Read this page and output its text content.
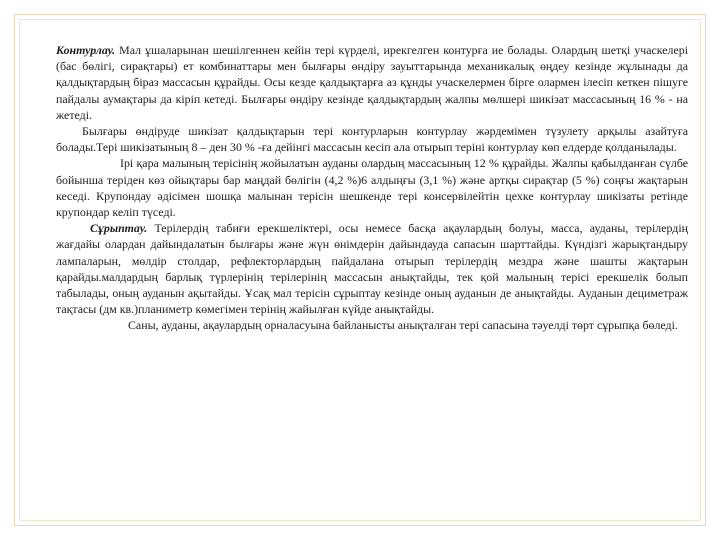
Контурлау. Мал ұшаларынан шешілгеннен кейін тері күрделі, ирекгелген контурға ие болады. Олардың шетқі учаскелері (бас бөлігі, сирақтары) ет комбинаттары мен былғары өндіру зауыттарында механикалық өңдеу кезінде жұлынады да қалдықтардың біраз массасын құрайды. Осы кезде қалдықтарға аз құнды учаскелермен бірге олармен ілесіп кеткен пішуге пайдалы аумақтары да кіріп кетеді. Былғары өндіру кезінде қалдықтардың жалпы мөлшері шикізат массасының 16 % - на жетеді.

Былғары өндіруде шикізат қалдықтарын тері контурларын контурлау жәрдемімен түзулету арқылы азайтуға болады.Тері шикізатының 8 – ден 30 % -ға дейінгі массасын кесіп ала отырып теріні контурлау көп елдерде қолданылады.

Ірі қара малының терісінің жойылатын ауданы олардың массасының 12 % құрайды. Жалпы қабылданған сүлбе бойынша теріден көз ойықтары бар маңдай бөлігін (4,2 %)6 алдыңғы (3,1 %) және артқы сирақтар (5 %) соңғы жақтарын кеседі. Крупондау әдісімен шошқа малынан терісін шешкенде тері консервілейтін цехке контурлау шикізаты ретінде крупондар келіп түседі.

Сұрыптау. Терілердің табиғи ерекшеліктері, осы немесе басқа ақаулардың болуы, масса, ауданы, терілердің жағдайы олардан дайындалатын былғары және жүн өнімдерін дайындауда сапасын шарттайды. Күндізгі жарықтандыру лампаларын, мөлдір столдар, рефлекторлардың пайдалана отырып терілердің мездра және шашты жақтарын қарайды.малдардың барлық түрлерінің терілерінің массасын анықтайды, тек қой малының терісі ерекшелік болып табылады, оның ауданын ақытайды. Ұсақ мал терісін сұрыптау кезінде оның ауданын де анықтайды. Ауданын дециметраж тақтасы (дм кв.)планиметр көмегімен терінің жайылған күйде анықтайды.

Саны, ауданы, ақаулардың орналасуына байланысты анықталған тері сапасына тәуелді төрт сұрыпқа бөледі.
